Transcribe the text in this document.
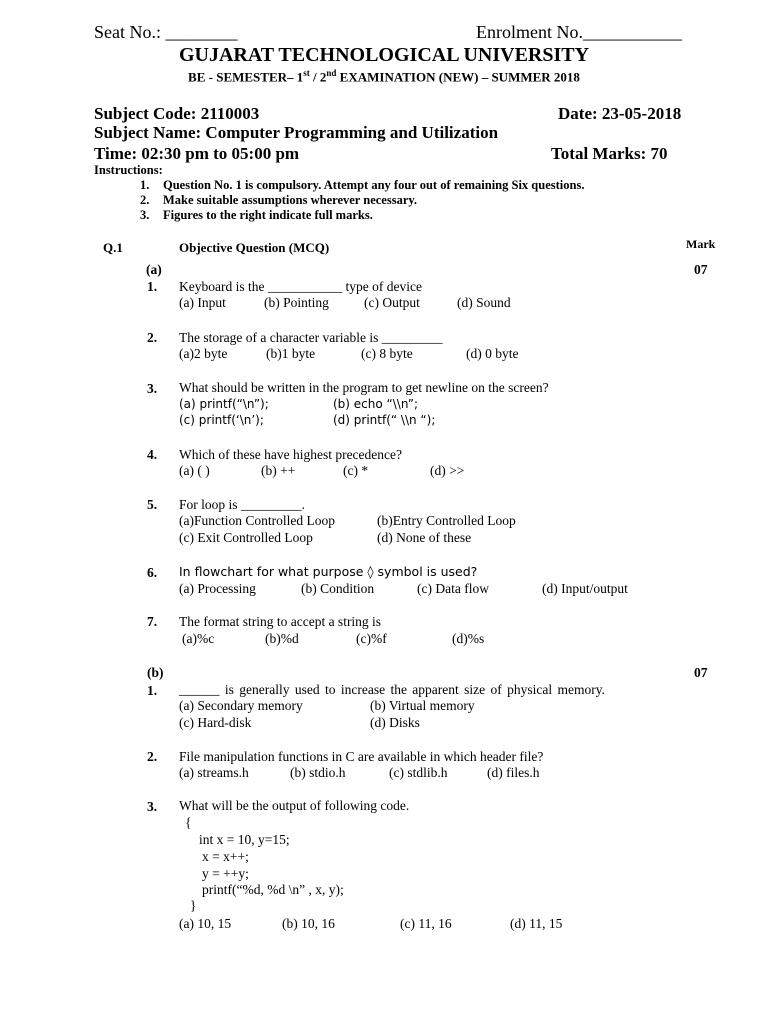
Seat No.: ________	Enrolment No.___________
GUJARAT TECHNOLOGICAL UNIVERSITY
BE - SEMESTER– 1st / 2nd EXAMINATION (NEW) – SUMMER 2018
Subject Code: 2110003	Date: 23-05-2018
Subject Name: Computer Programming and Utilization
Time: 02:30 pm to 05:00 pm	Total Marks: 70
Instructions:
1. Question No. 1 is compulsory. Attempt any four out of remaining Six questions.
2. Make suitable assumptions wherever necessary.
3. Figures to the right indicate full marks.
Q.1	Objective Question (MCQ)	Mark
(a)	07
1. Keyboard is the ___________ type of device
(a) Input	(b) Pointing	(c) Output	(d) Sound
2. The storage of a character variable is _________
(a)2 byte	(b)1 byte	(c) 8 byte	(d) 0 byte
3. What should be written in the program to get newline on the screen?
(a) printf(“\n”);	(b) echo “\\n”;
(c) printf(‘\n’);	(d) printf(“ \\n “);
4. Which of these have highest precedence?
(a) ( )	(b) ++	(c) *	(d) >>
5. For loop is _________.
(a)Function Controlled Loop	(b)Entry Controlled Loop
(c) Exit Controlled Loop	(d) None of these
6. In flowchart for what purpose ◊ symbol is used?
(a) Processing	(b) Condition	(c) Data flow	(d) Input/output
7. The format string to accept a string is
(a)%c	(b)%d	(c)%f	(d)%s
(b)	07
1. ______ is generally used to increase the apparent size of physical memory.
(a) Secondary memory	(b) Virtual memory
(c) Hard-disk	(d) Disks
2. File manipulation functions in C are available in which header file?
(a) streams.h	(b) stdio.h	(c) stdlib.h	(d) files.h
3. What will be the output of following code.
{
int x = 10, y=15;
x = x++;
y = ++y;
printf(“%d, %d \n” , x, y);
}
(a) 10, 15	(b) 10, 16	(c) 11, 16	(d) 11, 15
